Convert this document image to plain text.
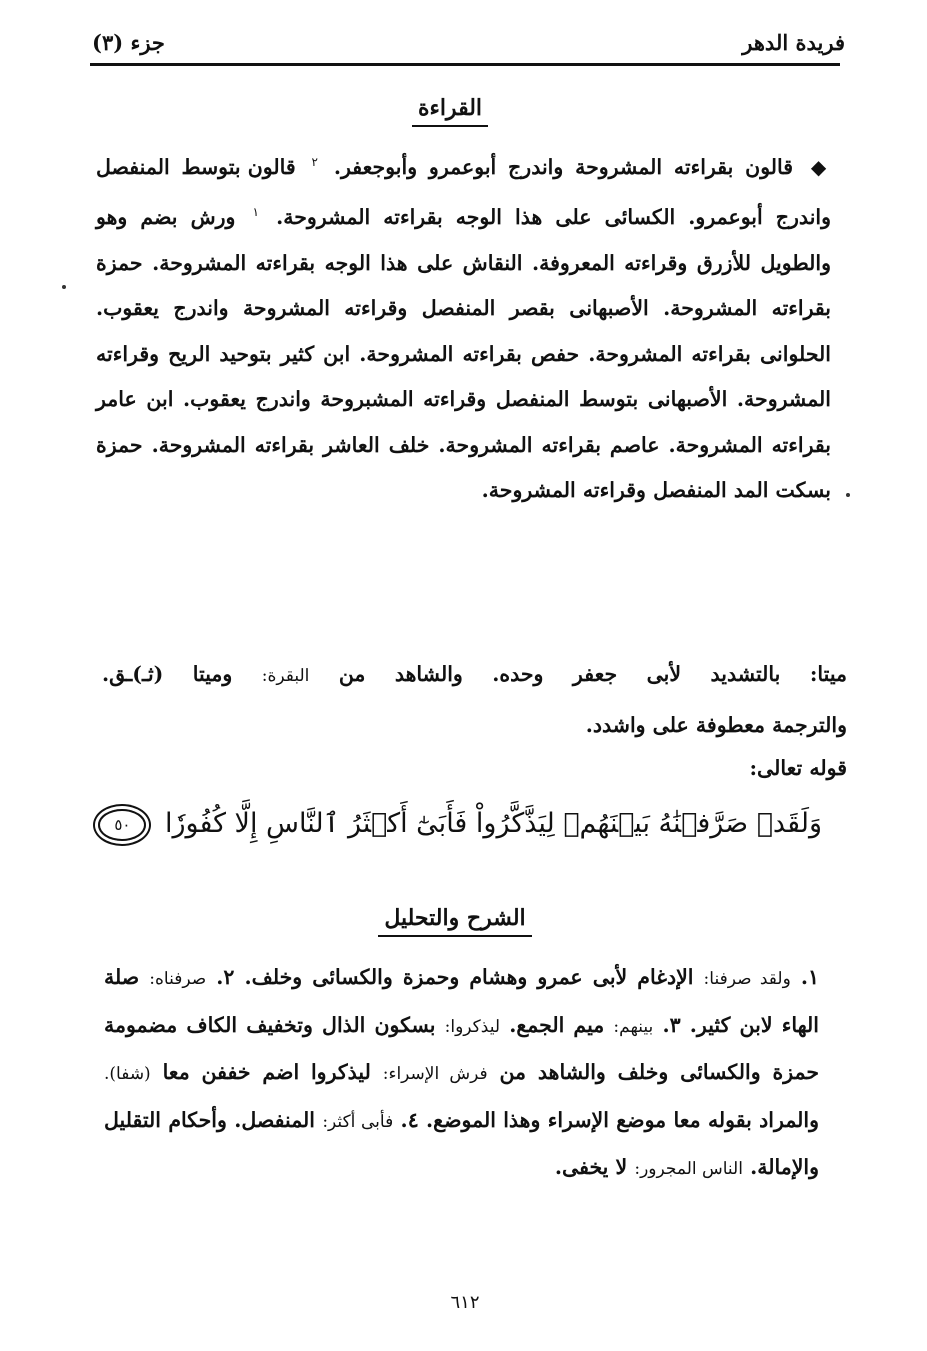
فريدة الدهر
جزء (٣)
القراءة
◆ قالون بقراءته المشروحة واندرج أبوعمرو وأبوجعفر. $^٢$ قالون بتوسط المنفصل واندرج أبوعمرو. الكسائى على هذا الوجه بقراءته المشروحة. $^١$ ورش بضم وهو والطويل للأزرق وقراءته المعروفة. النقاش على هذا الوجه بقراءته المشروحة. حمزة بقراءته المشروحة. الأصبهانى بقصر المنفصل وقراءته المشروحة واندرج يعقوب. الحلوانى بقراءته المشروحة. حفص بقراءته المشروحة. ابن كثير بتوحيد الريح وقراءته المشروحة. الأصبهانى بتوسط المنفصل وقراءته المشبروحة واندرج يعقوب. ابن عامر بقراءته المشروحة. عاصم بقراءته المشروحة. خلف العاشر بقراءته المشروحة. حمزة بسكت المد المنفصل وقراءته المشروحة.
ميتا: بالتشديد لأبى جعفر وحده. والشاهد من البقرة: وميتا (ثـ)ـق.
والترجمة معطوفة على واشدد.
قوله تعالى:
وَلَقَدۡ صَرَّفۡنَٰهُ بَيۡنَهُمۡ لِيَذَّكَّرُواْ فَأَبَىٰٓ أَكۡثَرُ ٱلنَّاسِ إِلَّا كُفُورٗا ٥٠
الشرح والتحليل
١. ولقد صرفنا: الإدغام لأبى عمرو وهشام وحمزة والكسائى وخلف. ٢. صرفناه: صلة الهاء لابن كثير. ٣. بينهم: ميم الجمع. ليذكروا: بسكون الذال وتخفيف الكاف مضمومة حمزة والكسائى وخلف والشاهد من فرش الإسراء: ليذكروا اضم خففن معا (شفا). والمراد بقوله معا موضع الإسراء وهذا الموضع. ٤. فأبى أكثر: المنفصل. وأحكام التقليل والإمالة. الناس المجرور: لا يخفى.
٦١٢
